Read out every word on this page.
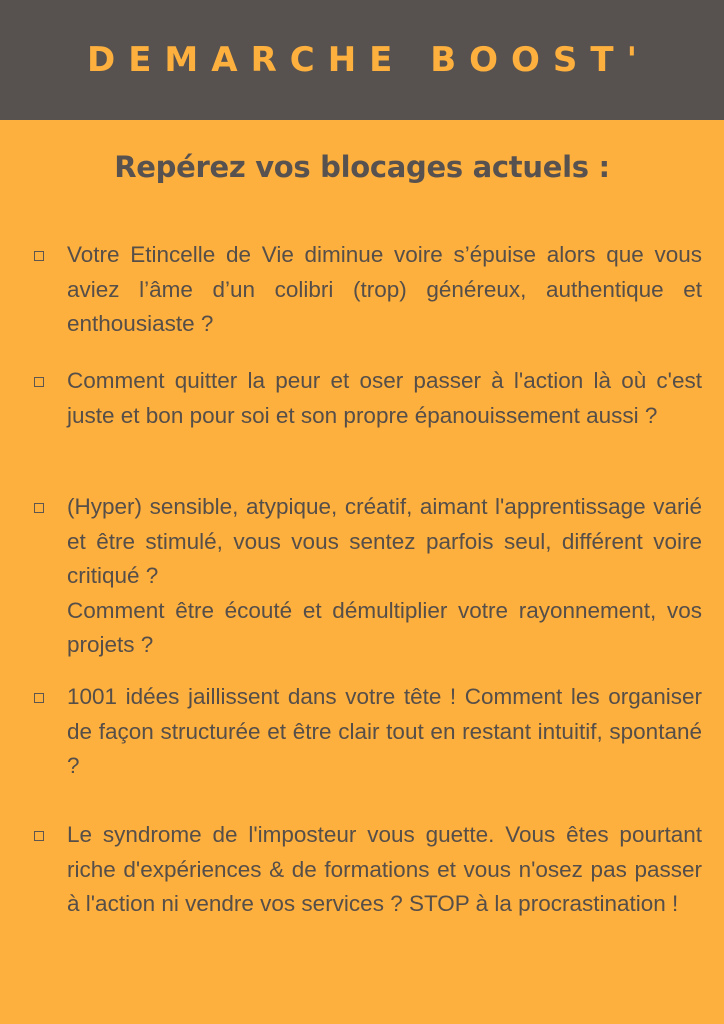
DEMARCHE BOOST'
Repérez vos blocages actuels :
Votre Etincelle de Vie diminue voire s’épuise alors que vous aviez l’âme d’un colibri (trop) généreux, authentique et enthousiaste ?
Comment quitter la peur et oser passer à l'action là où c'est juste et bon pour soi et son propre épanouissement aussi ?
(Hyper) sensible, atypique, créatif, aimant l'apprentissage varié et être stimulé, vous vous sentez parfois seul, différent voire critiqué ?
Comment être écouté et démultiplier votre rayonnement, vos projets ?
1001 idées jaillissent dans votre tête ! Comment les organiser de façon structurée et être clair tout en restant intuitif, spontané ?
Le syndrome de l'imposteur vous guette. Vous êtes pourtant riche d'expériences & de formations et vous n'osez pas passer à l'action ni vendre vos services ? STOP à la procrastination !
